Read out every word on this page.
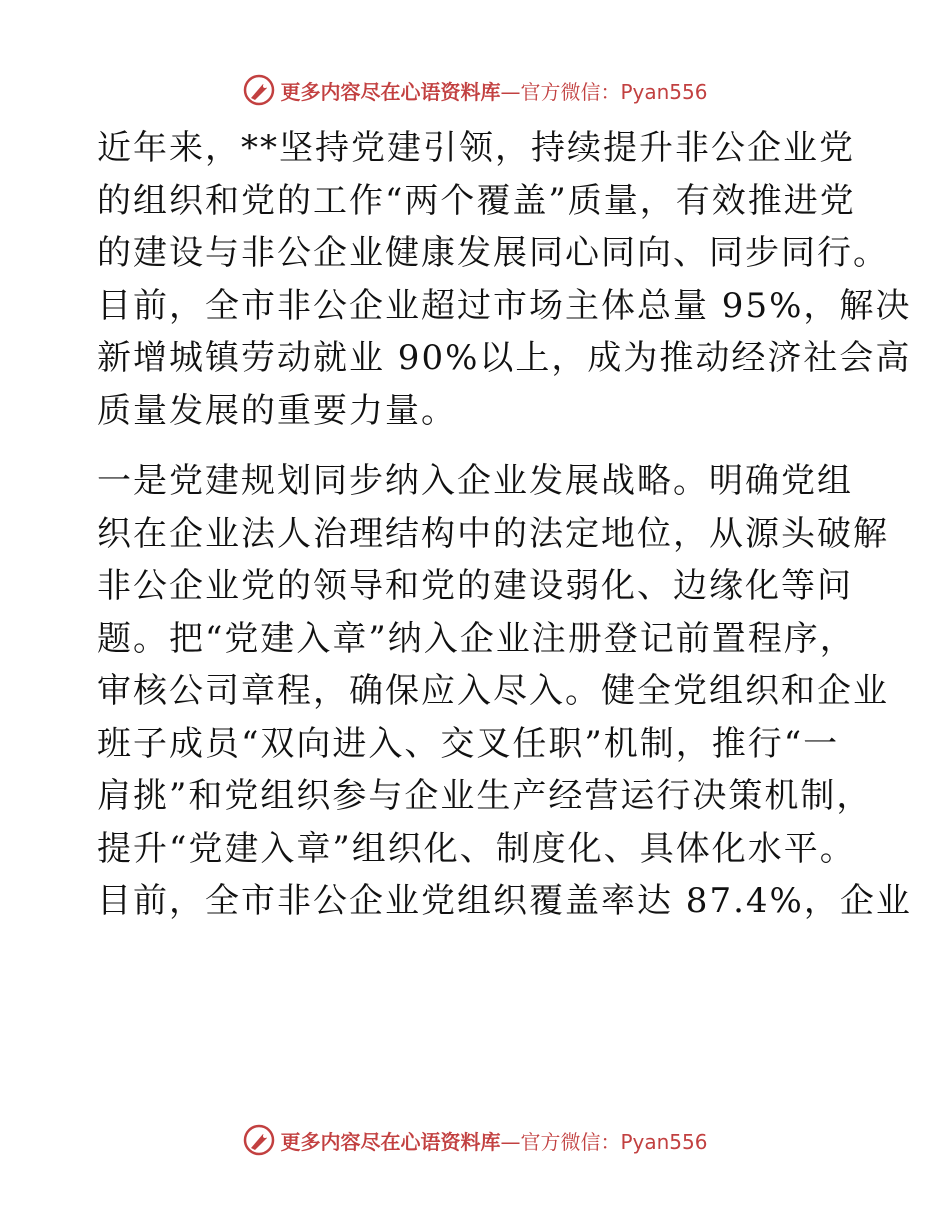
更多内容尽在心语资料库—官方微信：Pyan556

近年来，**坚持党建引领，持续提升非公企业党
的组织和党的工作“两个覆盖”质量，有效推进党
的建设与非公企业健康发展同心同向、同步同行。
目前，全市非公企业超过市场主体总量 95%，解决
新增城镇劳动就业 90%以上，成为推动经济社会高
质量发展的重要力量。

一是党建规划同步纳入企业发展战略。明确党组
织在企业法人治理结构中的法定地位，从源头破解
非公企业党的领导和党的建设弱化、边缘化等问
题。把“党建入章”纳入企业注册登记前置程序，
审核公司章程，确保应入尽入。健全党组织和企业
班子成员“双向进入、交叉任职”机制，推行“一
肩挑”和党组织参与企业生产经营运行决策机制，
提升“党建入章”组织化、制度化、具体化水平。
目前，全市非公企业党组织覆盖率达 87.4%，企业

更多内容尽在心语资料库—官方微信：Pyan556
